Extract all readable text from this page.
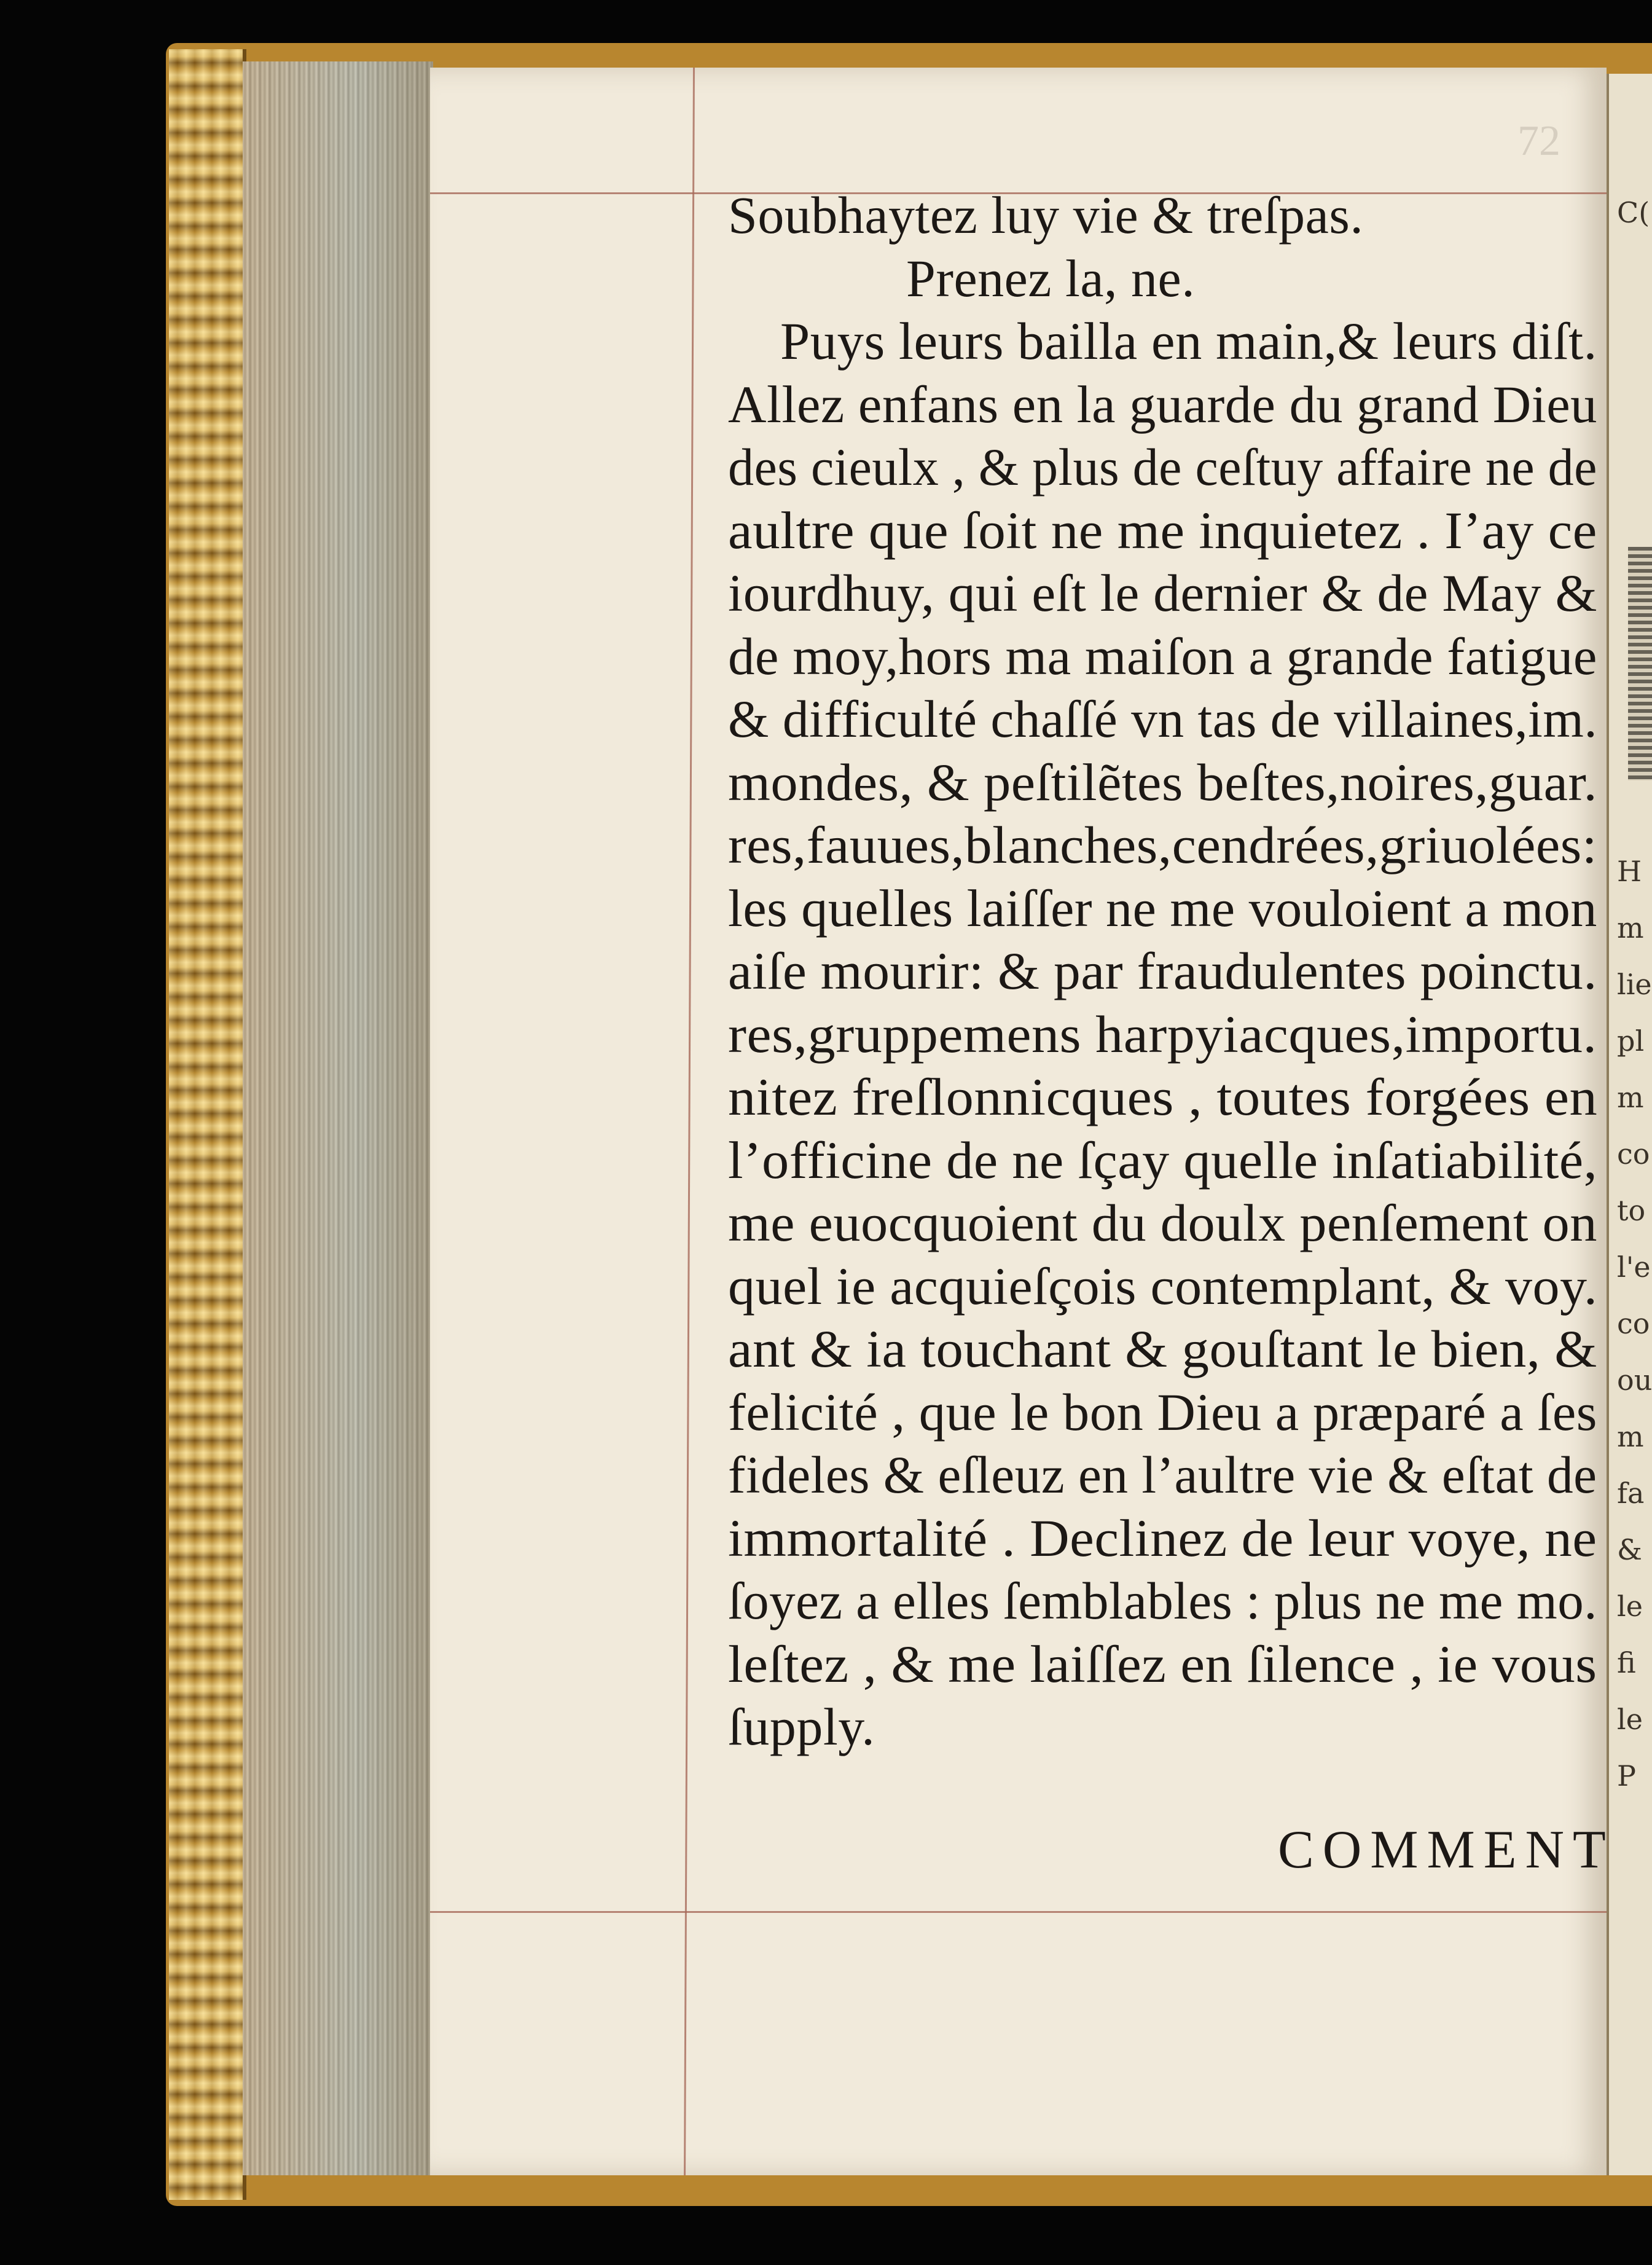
72
C(
H
m
lie
pl
m
co
to
l'e
co
ou
m
fa
&
le
fi
le
P
Soubhaytez luy vie & treſpas.
Prenez la, ne.
Puys leurs bailla en main,& leurs diſt.
Allez enfans en la guarde du grand Dieu
des cieulx , & plus de ceſtuy affaire ne de
aultre que ſoit ne me inquietez . I’ay ce
iourdhuy, qui eſt le dernier & de May &
de moy,hors ma maiſon a grande fatigue
& difficulté chaſſé vn tas de villaines,im.
mondes, & peſtilẽtes beſtes,noires,guar.
res,fauues,blanches,cendrées,griuolées:
les quelles laiſſer ne me vouloient a mon
aiſe mourir: & par fraudulentes poinctu.
res,gruppemens harpyiacques,importu.
nitez freſlonnicques , toutes forgées en
l’officine de ne ſçay quelle inſatiabilité,
me euocquoient du doulx penſement on
quel ie acquieſçois contemplant, & voy.
ant & ia touchant & gouſtant le bien, &
felicité , que le bon Dieu a præparé a ſes
fideles & eſleuz en l’aultre vie & eſtat de
immortalité . Declinez de leur voye, ne
ſoyez a elles ſemblables : plus ne me mo.
leſtez , & me laiſſez en ſilence , ie vous
ſupply.
COMMENT
